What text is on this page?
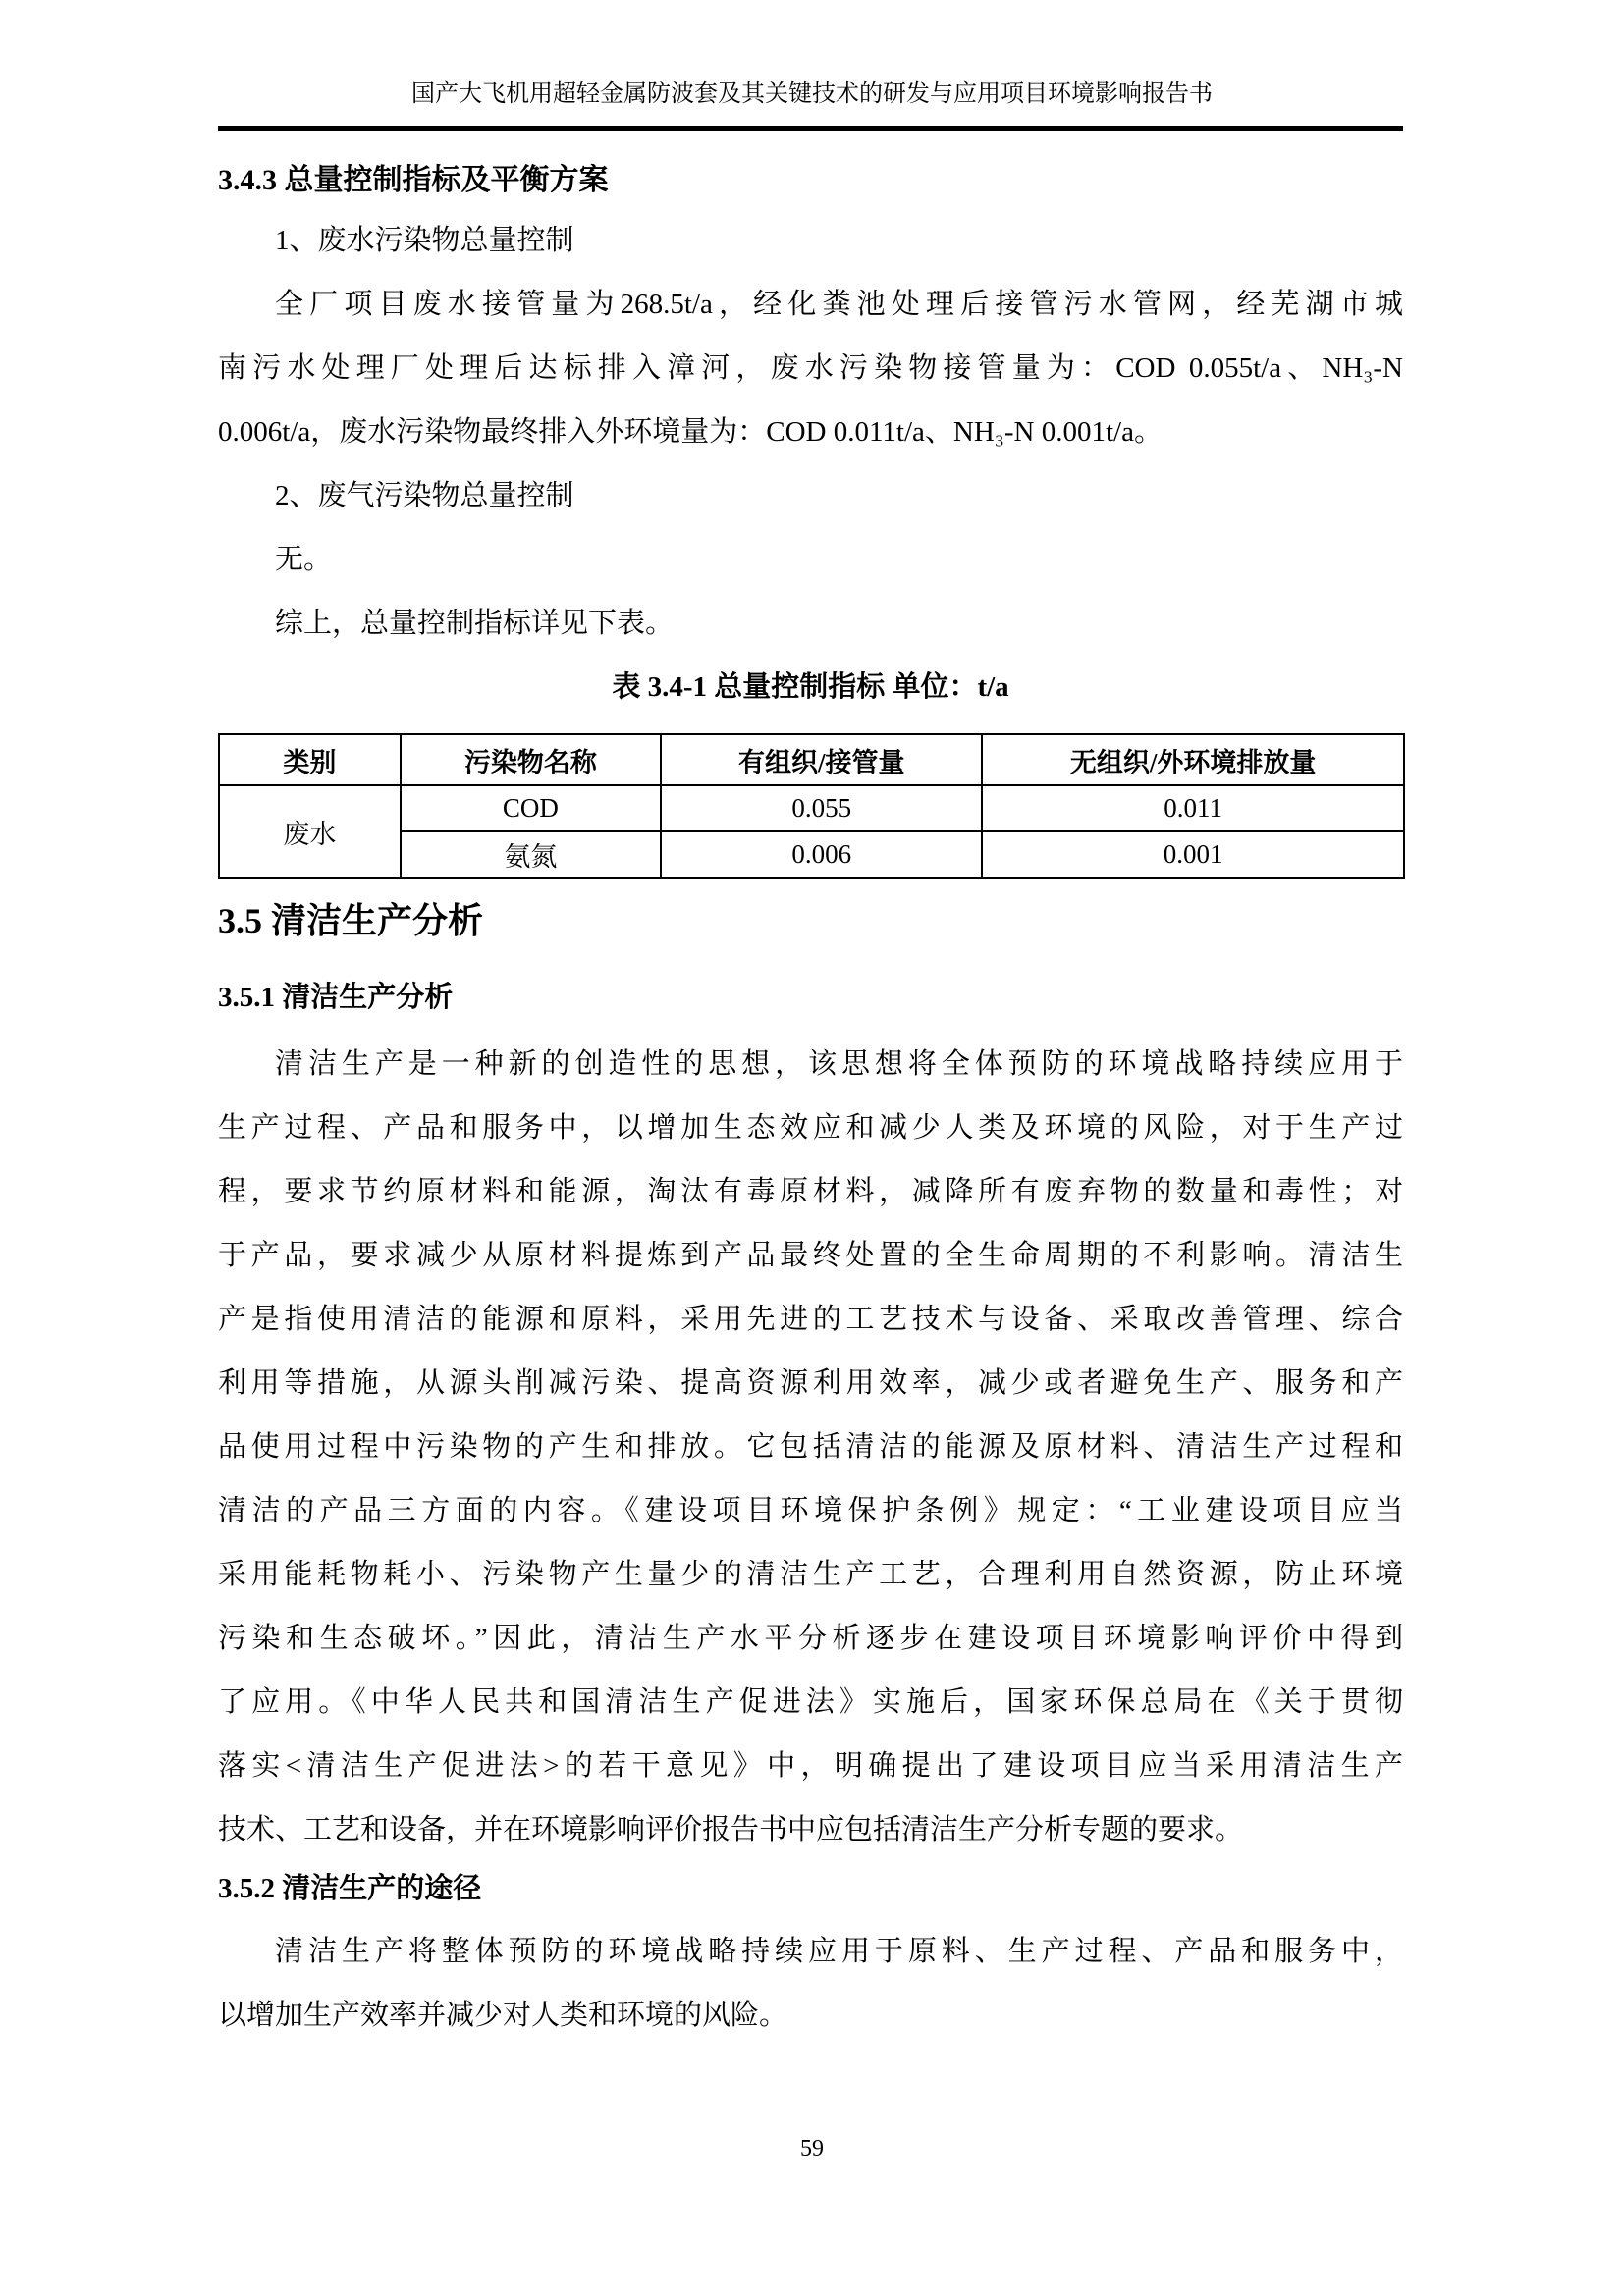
国产大飞机用超轻金属防波套及其关键技术的研发与应用项目环境影响报告书
3.4.3 总量控制指标及平衡方案
1、废水污染物总量控制
全厂项目废水接管量为268.5t/a，经化粪池处理后接管污水管网，经芜湖市城
南污水处理厂处理后达标排入漳河，废水污染物接管量为：COD 0.055t/a、NH₃-N
0.006t/a，废水污染物最终排入外环境量为：COD 0.011t/a、NH₃-N 0.001t/a。
2、废气污染物总量控制
无。
综上，总量控制指标详见下表。
表 3.4-1 总量控制指标 单位：t/a
类别	污染物名称	有组织/接管量	无组织/外环境排放量
废水	COD	0.055	0.011
	氨氮	0.006	0.001
3.5 清洁生产分析
3.5.1 清洁生产分析
清洁生产是一种新的创造性的思想，该思想将全体预防的环境战略持续应用于
生产过程、产品和服务中，以增加生态效应和减少人类及环境的风险，对于生产过
程，要求节约原材料和能源，淘汰有毒原材料，减降所有废弃物的数量和毒性；对
于产品，要求减少从原材料提炼到产品最终处置的全生命周期的不利影响。清洁生
产是指使用清洁的能源和原料，采用先进的工艺技术与设备、采取改善管理、综合
利用等措施，从源头削减污染、提高资源利用效率，减少或者避免生产、服务和产
品使用过程中污染物的产生和排放。它包括清洁的能源及原材料、清洁生产过程和
清洁的产品三方面的内容。《建设项目环境保护条例》规定：“工业建设项目应当
采用能耗物耗小、污染物产生量少的清洁生产工艺，合理利用自然资源，防止环境
污染和生态破坏。”因此，清洁生产水平分析逐步在建设项目环境影响评价中得到
了应用。《中华人民共和国清洁生产促进法》实施后，国家环保总局在《关于贯彻
落实<清洁生产促进法>的若干意见》中，明确提出了建设项目应当采用清洁生产
技术、工艺和设备，并在环境影响评价报告书中应包括清洁生产分析专题的要求。
3.5.2 清洁生产的途径
清洁生产将整体预防的环境战略持续应用于原料、生产过程、产品和服务中，
以增加生产效率并减少对人类和环境的风险。
59
